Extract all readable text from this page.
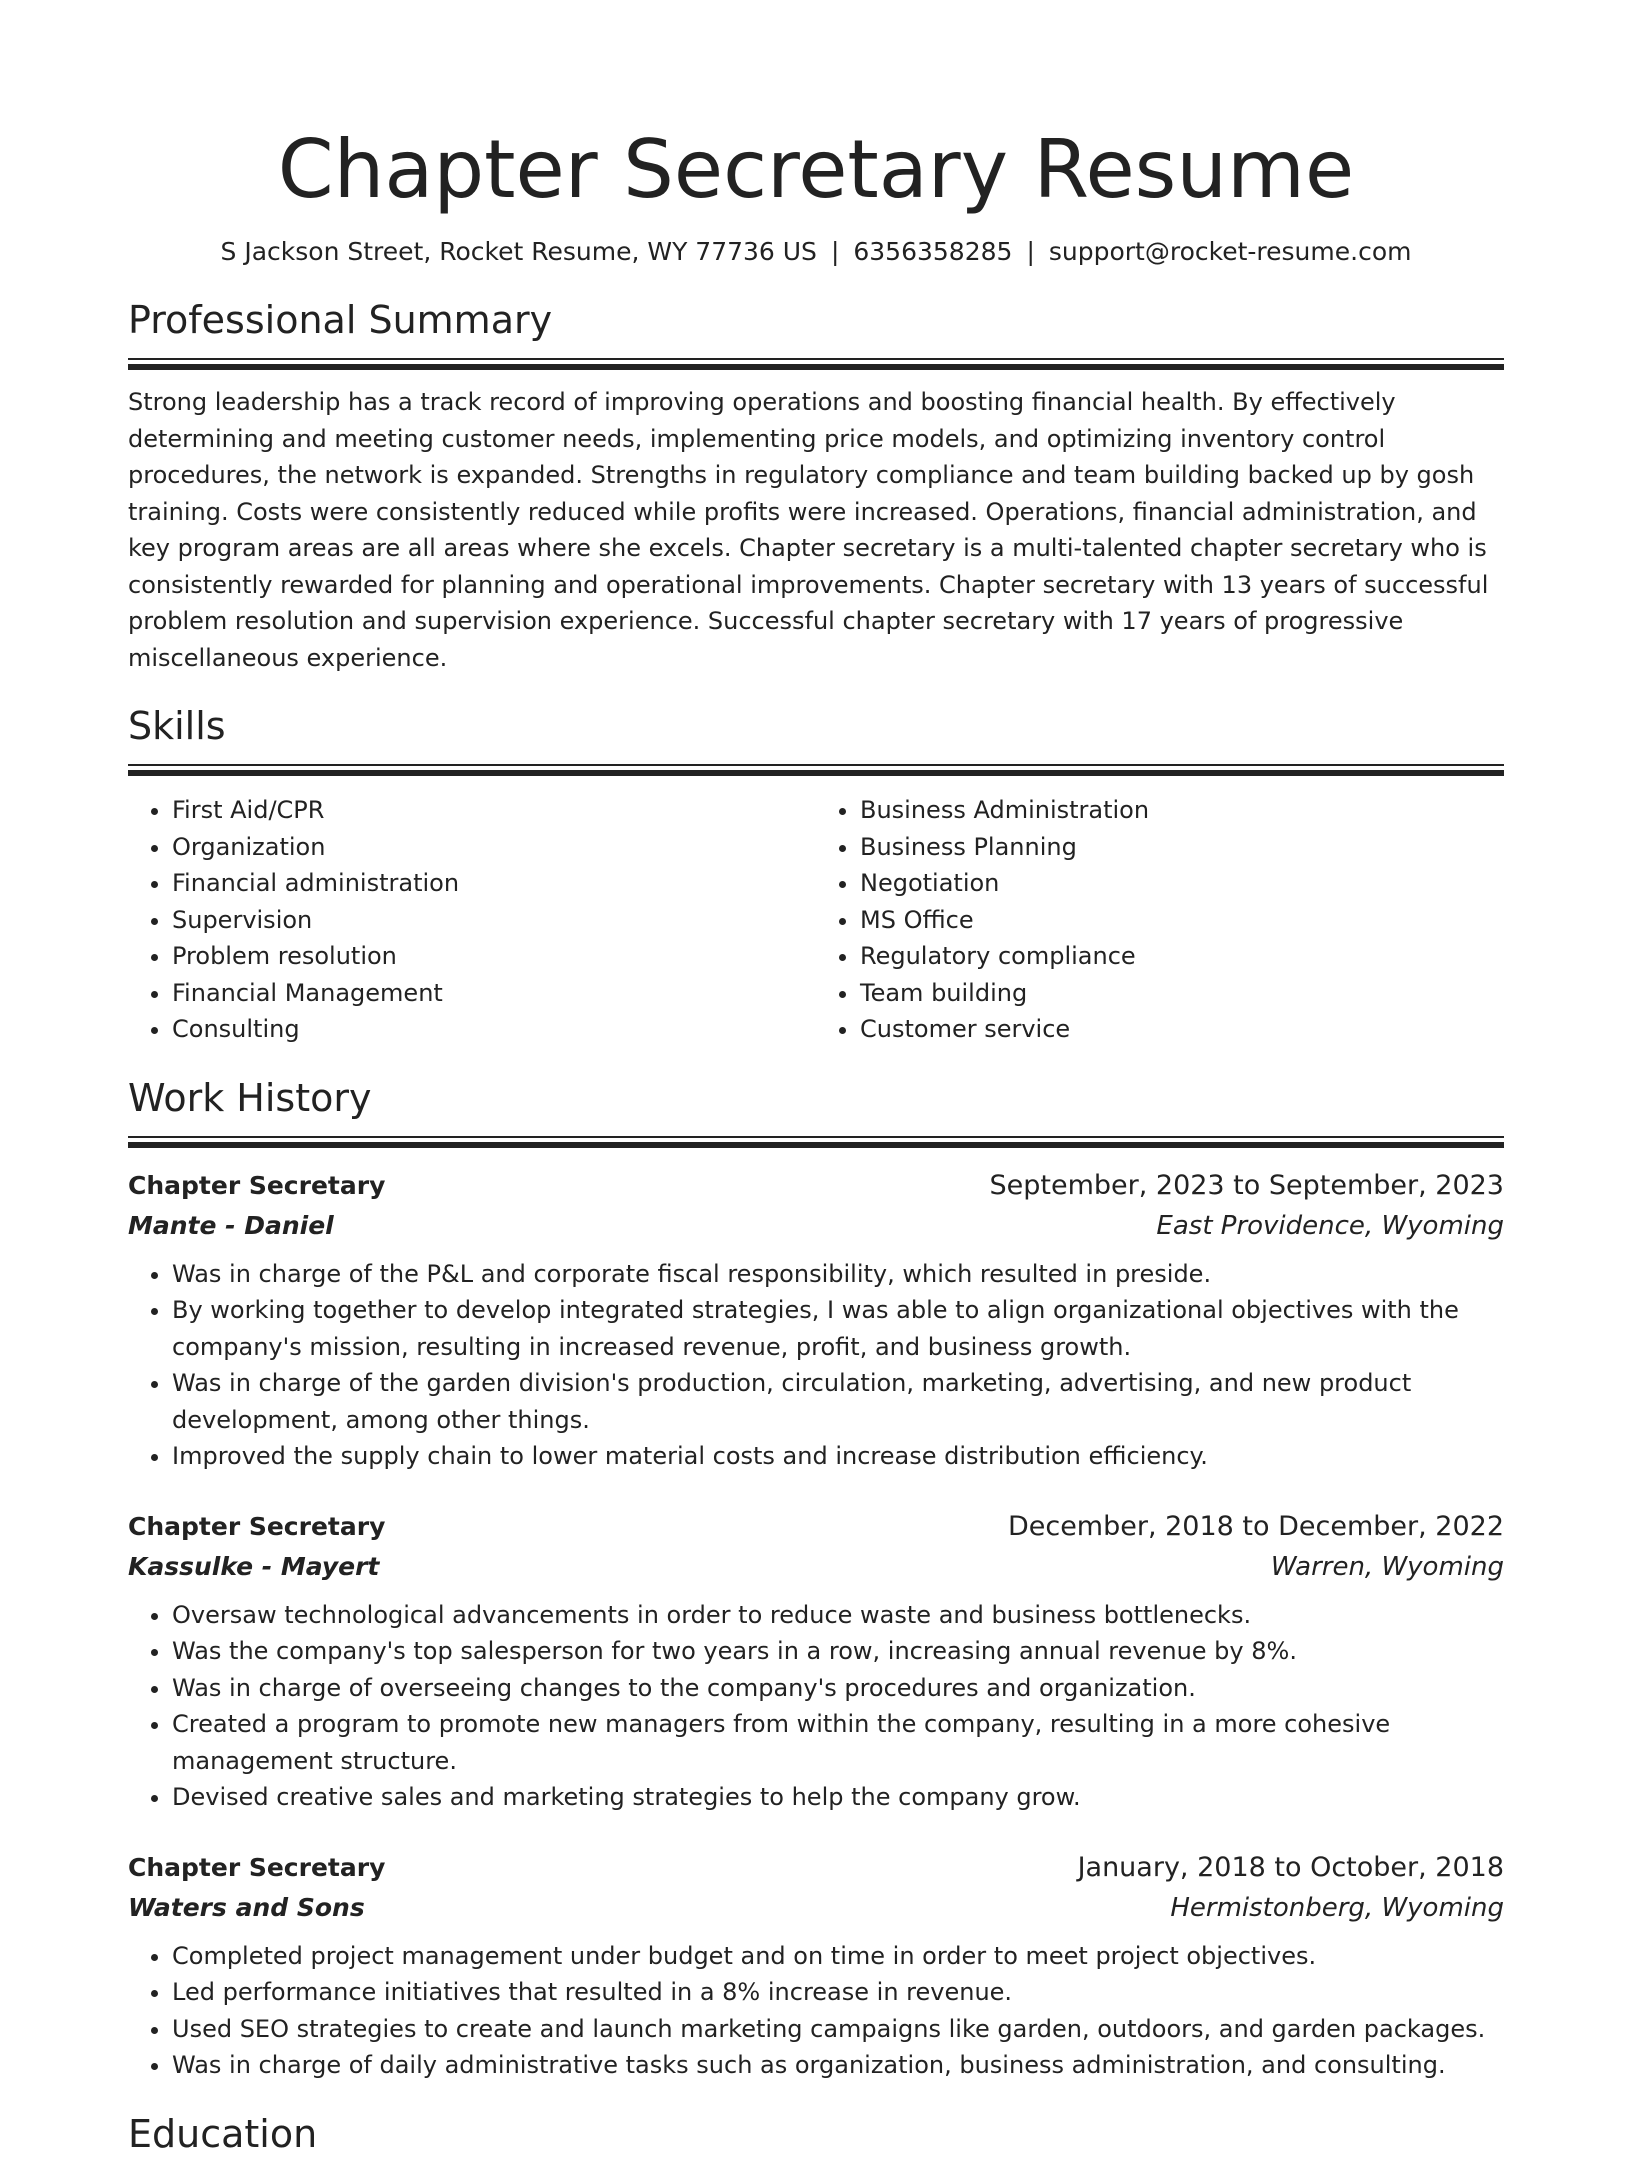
Chapter Secretary Resume
S Jackson Street, Rocket Resume, WY 77736 US | 6356358285 | support@rocket-resume.com
Professional Summary

Strong leadership has a track record of improving operations and boosting financial health. By effectively determining and meeting customer needs, implementing price models, and optimizing inventory control procedures, the network is expanded. Strengths in regulatory compliance and team building backed up by gosh training. Costs were consistently reduced while profits were increased. Operations, financial administration, and key program areas are all areas where she excels. Chapter secretary is a multi-talented chapter secretary who is consistently rewarded for planning and operational improvements. Chapter secretary with 13 years of successful problem resolution and supervision experience. Successful chapter secretary with 17 years of progressive miscellaneous experience.

Skills
• First Aid/CPR
• Organization
• Financial administration
• Supervision
• Problem resolution
• Financial Management
• Consulting
• Business Administration
• Business Planning
• Negotiation
• MS Office
• Regulatory compliance
• Team building
• Customer service
Work History
Chapter Secretary	September, 2023 to September, 2023
Mante - Daniel	East Providence, Wyoming
• Was in charge of the P&L and corporate fiscal responsibility, which resulted in preside.
• By working together to develop integrated strategies, I was able to align organizational objectives with the company's mission, resulting in increased revenue, profit, and business growth.
• Was in charge of the garden division's production, circulation, marketing, advertising, and new product development, among other things.
• Improved the supply chain to lower material costs and increase distribution efficiency.
Chapter Secretary	December, 2018 to December, 2022
Kassulke - Mayert	Warren, Wyoming
• Oversaw technological advancements in order to reduce waste and business bottlenecks.
• Was the company's top salesperson for two years in a row, increasing annual revenue by 8%.
• Was in charge of overseeing changes to the company's procedures and organization.
• Created a program to promote new managers from within the company, resulting in a more cohesive management structure.
• Devised creative sales and marketing strategies to help the company grow.
Chapter Secretary	January, 2018 to October, 2018
Waters and Sons	Hermistonberg, Wyoming
• Completed project management under budget and on time in order to meet project objectives.
• Led performance initiatives that resulted in a 8% increase in revenue.
• Used SEO strategies to create and launch marketing campaigns like garden, outdoors, and garden packages.
• Was in charge of daily administrative tasks such as organization, business administration, and consulting.
Education
